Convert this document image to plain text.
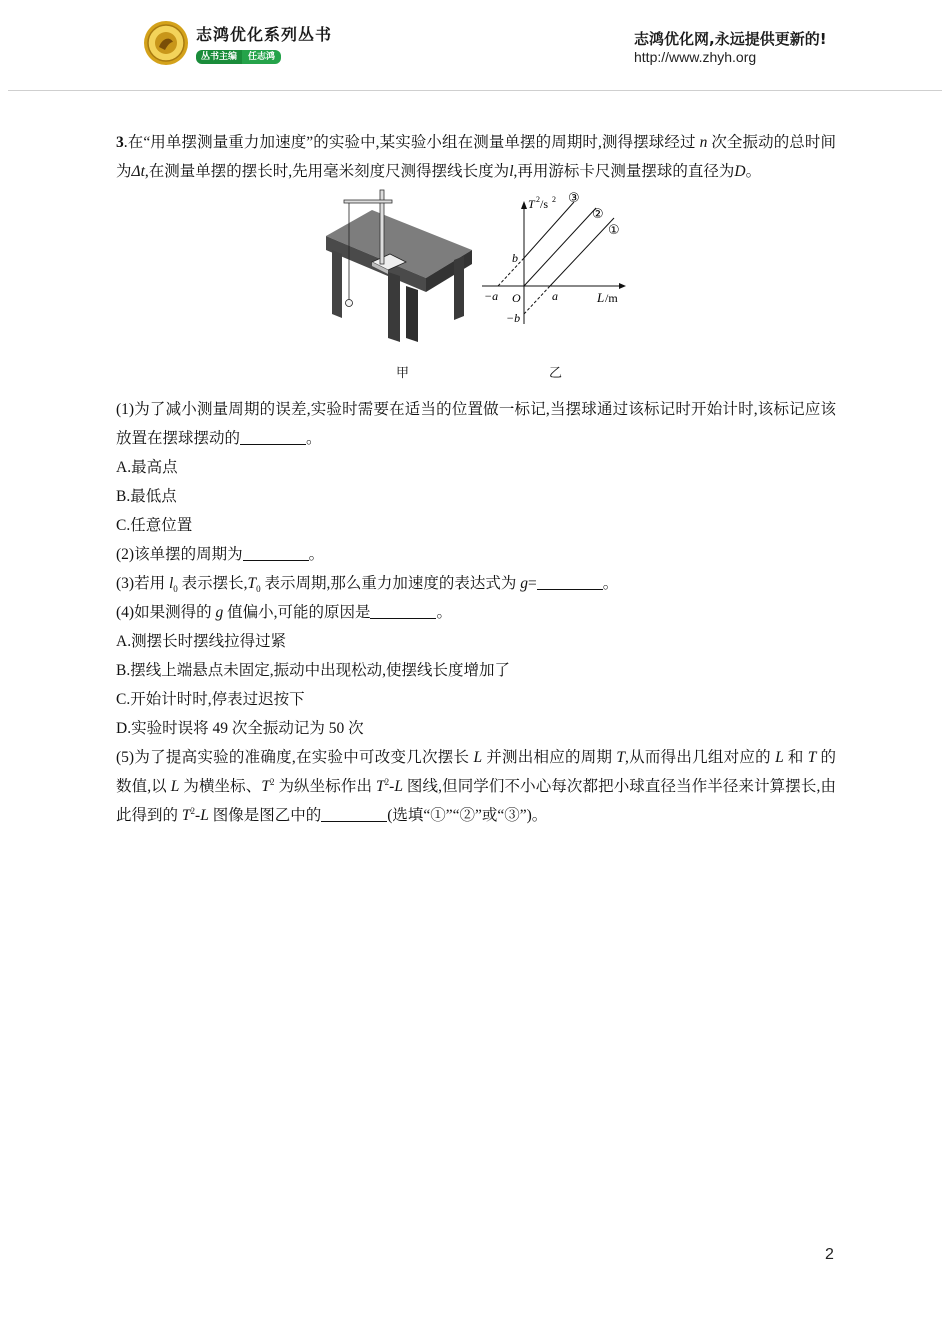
志鸿优化系列丛书
丛书主编 任志鸿
志鸿优化网,永远提供更新的!
http://www.zhyh.org

3.在“用单摆测量重力加速度”的实验中,某实验小组在测量单摆的周期时,测得摆球经过 n 次全振动的总时间为Δt,在测量单摆的摆长时,先用毫米刻度尺测得摆线长度为l,再用游标卡尺测量摆球的直径为D。

T 2 /s 2 ③
②
①
b
−b
−a O	a	L /m
甲	乙

(1)为了减小测量周期的误差,实验时需要在适当的位置做一标记,当摆球通过该标记时开始计时,该标记应该放置在摆球摆动的	。

A.最高点

B.最低点

C.任意位置

(2)该单摆的周期为	。

(3)若用 $l_0$ 表示摆长$,T_0$ 表示周期,那么重力加速度的表达式为 g=	。

(4)如果测得的 g 值偏小,可能的原因是	。

A.测摆长时摆线拉得过紧

B.摆线上端悬点未固定,振动中出现松动,使摆线长度增加了

C.开始计时时,停表过迟按下

D.实验时误将 49 次全振动记为 50 次

(5)为了提高实验的准确度,在实验中可改变几次摆长 L 并测出相应的周期 T,从而得出几组对应的 L 和 T 的数值,以 L 为横坐标、$T^2$ 为纵坐标作出 $T^2-L$ 图线,但同学们不小心每次都把小球直径当作半径来计算摆长,由此得到的 $T^2-L$ 图像是图乙中的	(选填“①”“②”或“③”)。

2
